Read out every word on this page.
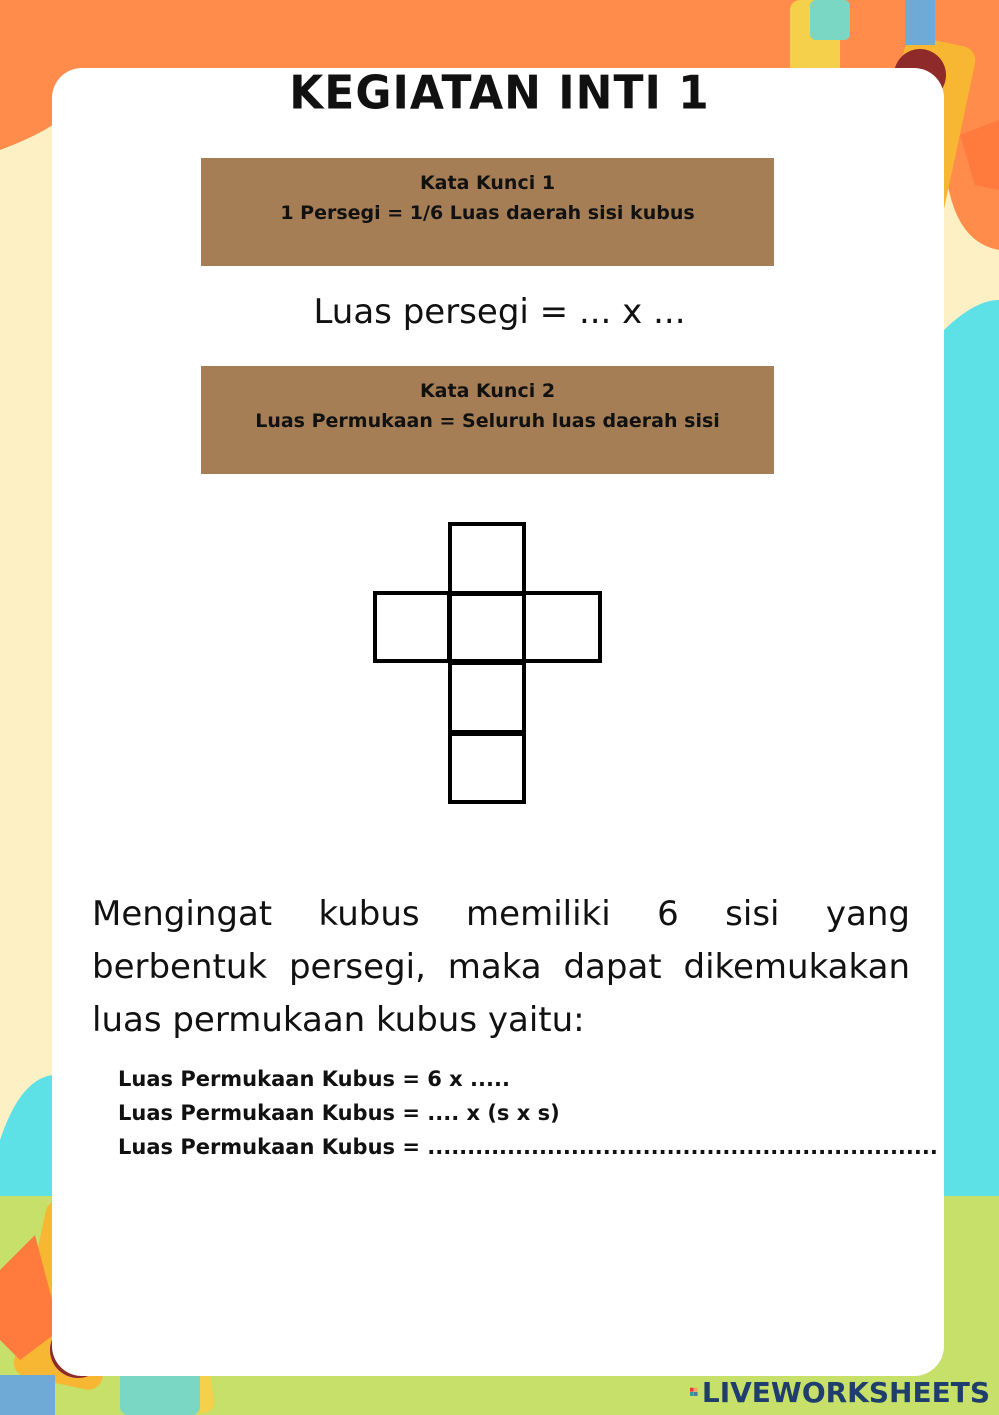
KEGIATAN INTI 1
Kata Kunci 1
1 Persegi = 1/6 Luas daerah sisi kubus
Luas persegi = ... x ...
Kata Kunci 2
Luas Permukaan = Seluruh luas daerah sisi

Mengingat kubus memiliki 6 sisi yang berbentuk persegi, maka dapat dikemukakan luas permukaan kubus yaitu:

Luas Permukaan Kubus = 6 x .....
Luas Permukaan Kubus = .... x (s x s)
Luas Permukaan Kubus = ................................................................
LIVEWORKSHEETS
